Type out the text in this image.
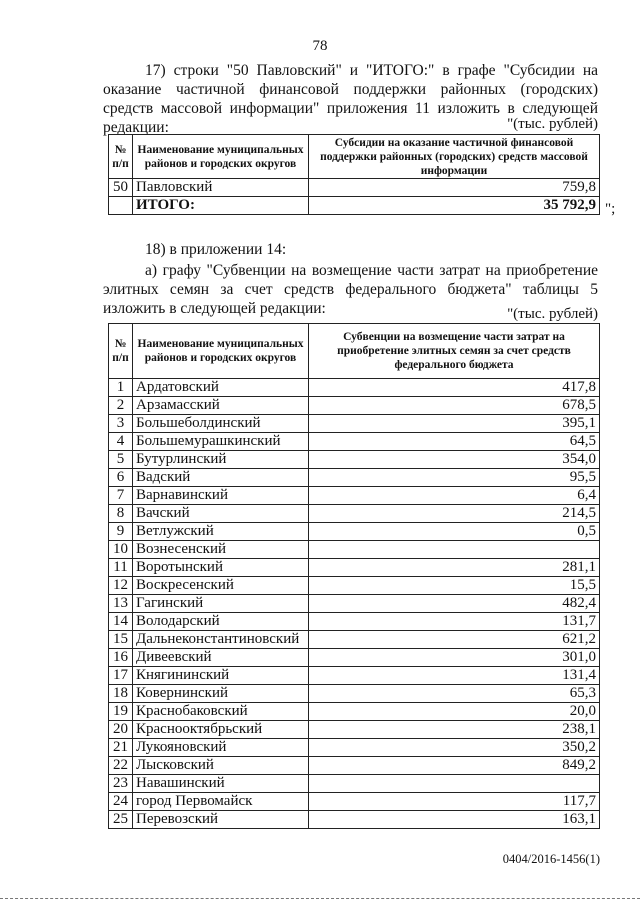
78

17) строки "50 Павловский" и "ИТОГО:" в графе "Субсидии на оказание частичной финансовой поддержки районных (городских) средств массовой информации" приложения 11 изложить в следующей редакции:	"(тыс. рублей)
№ п/п	Наименование муниципальных районов и городских округов	Субсидии на оказание частичной финансовой поддержки районных (городских) средств массовой информации
50	Павловский	759,8
	ИТОГО:	35 792,9 ";

18) в приложении 14:

а) графу "Субвенции на возмещение части затрат на приобретение элитных семян за счет средств федерального бюджета" таблицы 5 изложить в следующей редакции:	"(тыс. рублей)
№ п/п	Наименование муниципальных районов и городских округов	Субвенции на возмещение части затрат на приобретение элитных семян за счет средств федерального бюджета
1	Ардатовский	417,8
2	Арзамасский	678,5
3	Большеболдинский	395,1
4	Большемурашкинский	64,5
5	Бутурлинский	354,0
6	Вадский	95,5
7	Варнавинский	6,4
8	Вачский	214,5
9	Ветлужский	0,5
10	Вознесенский	
11	Воротынский	281,1
12	Воскресенский	15,5
13	Гагинский	482,4
14	Володарский	131,7
15	Дальнеконстантиновский	621,2
16	Дивеевский	301,0
17	Княгининский	131,4
18	Ковернинский	65,3
19	Краснобаковский	20,0
20	Краснооктябрьский	238,1
21	Лукояновский	350,2
22	Лысковский	849,2
23	Навашинский	
24	город Первомайск	117,7
25	Перевозский	163,1
0404/2016-1456(1)
